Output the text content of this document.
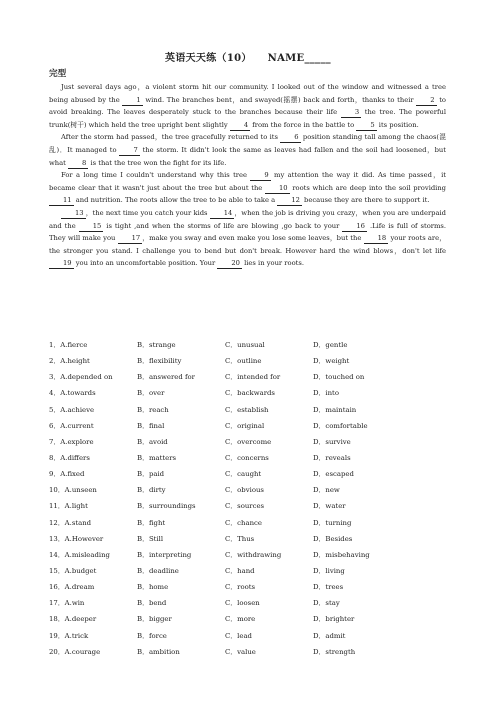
英语天天练（10） NAME_____
完型

Just several days ago，a violent storm hit our community. I looked out of the window and witnessed a tree being abused by the 1 wind. The branches bent，and swayed(摇摆) back and forth，thanks to their 2 to avoid breaking. The leaves desperately stuck to the branches because their life 3 the tree. The powerful trunk(树干) which held the tree upright bent slightly 4 from the force in the battle to 5 its position.

After the storm had passed，the tree gracefully returned to its 6 position standing tall among the chaos(混乱)．It managed to 7 the storm. It didn't look the same as leaves had fallen and the soil had loosened，but what 8 is that the tree won the fight for its life.

For a long time I couldn't understand why this tree 9 my attention the way it did. As time passed，it became clear that it wasn't just about the tree but about the 10 roots which are deep into the soil providing 11 and nutrition. The roots allow the tree to be able to take a 12 because they are there to support it.

13 ，the next time you catch your kids 14 ，when the job is driving you crazy，when you are underpaid and the 15 is tight ,and when the storms of life are blowing ,go back to your 16 .Life is full of storms. They will make you 17 ，make you sway and even make you lose some leaves，but the 18 your roots are，the stronger you stand. I challenge you to bend but don't break. However hard the wind blows，don't let life 19 you into an uncomfortable position. Your 20 lies in your roots.

1．A.fierce	B．strange	C．unusual	D．gentle
2．A.height	B．flexibility	C．outline	D．weight
3．A.depended on	B．answered for	C．intended for	D．touched on
4．A.towards	B．over	C．backwards	D．into
5．A.achieve	B．reach	C．establish	D．maintain
6．A.current	B．final	C．original	D．comfortable
7．A.explore	B．avoid	C．overcome	D．survive
8．A.differs	B．matters	C．concerns	D．reveals
9．A.fixed	B．paid	C．caught	D．escaped
10．A.unseen	B．dirty	C．obvious	D．new
11．A.light	B．surroundings	C．sources	D．water
12．A.stand	B．fight	C．chance	D．turning
13．A.However	B．Still	C．Thus	D．Besides
14．A.misleading	B．interpreting	C．withdrawing	D．misbehaving
15．A.budget	B．deadline	C．hand	D．living
16．A.dream	B．home	C．roots	D．trees
17．A.win	B．bend	C．loosen	D．stay
18．A.deeper	B．bigger	C．more	D．brighter
19．A.trick	B．force	C．lead	D．admit
20．A.courage	B．ambition	C．value	D．strength
